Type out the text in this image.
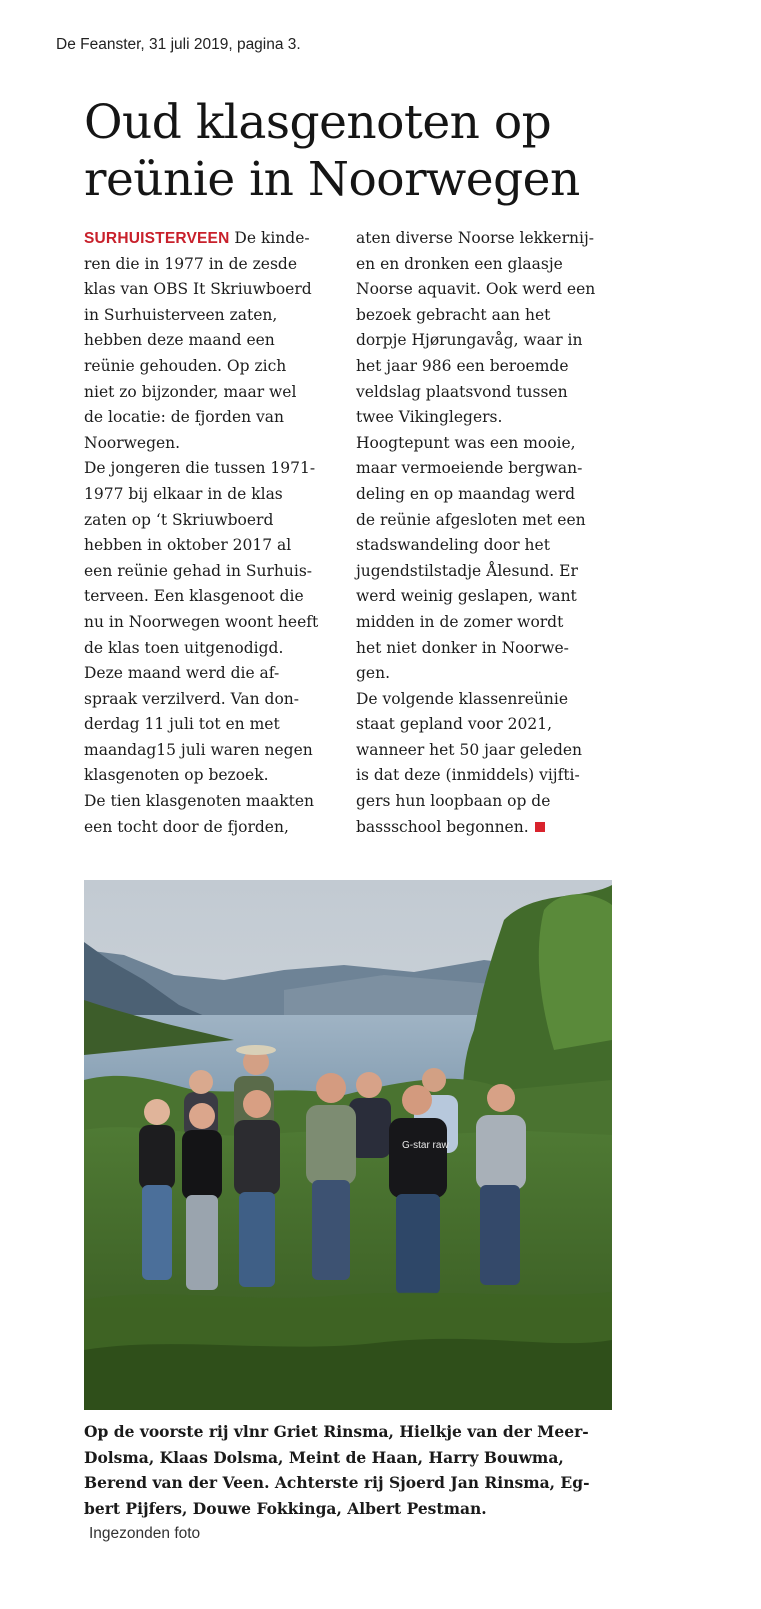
De Feanster, 31 juli 2019, pagina 3.
Oud klasgenoten op
reünie in Noorwegen
SURHUISTERVEEN De kinde-
ren die in 1977 in de zesde
klas van OBS It Skriuwboerd
in Surhuisterveen zaten,
hebben deze maand een
reünie gehouden. Op zich
niet zo bijzonder, maar wel
de locatie: de fjorden van
Noorwegen.
De jongeren die tussen 1971-
1977 bij elkaar in de klas
zaten op ‘t Skriuwboerd
hebben in oktober 2017 al
een reünie gehad in Surhuis-
terveen. Een klasgenoot die
nu in Noorwegen woont heeft
de klas toen uitgenodigd.
Deze maand werd die af-
spraak verzilverd. Van don-
derdag 11 juli tot en met
maandag15 juli waren negen
klasgenoten op bezoek.
De tien klasgenoten maakten
een tocht door de fjorden,
aten diverse Noorse lekkernij-
en en dronken een glaasje
Noorse aquavit. Ook werd een
bezoek gebracht aan het
dorpje Hjørungavåg, waar in
het jaar 986 een beroemde
veldslag plaatsvond tussen
twee Vikinglegers.
Hoogtepunt was een mooie,
maar vermoeiende bergwan-
deling en op maandag werd
de reünie afgesloten met een
stadswandeling door het
jugendstilstadje Ålesund. Er
werd weinig geslapen, want
midden in de zomer wordt
het niet donker in Noorwe-
gen.
De volgende klassenreünie
staat gepland voor 2021,
wanneer het 50 jaar geleden
is dat deze (inmiddels) vijfti-
gers hun loopbaan op de
bassschool begonnen.
G-star raw
Op de voorste rij vlnr Griet Rinsma, Hielkje van der Meer-
Dolsma, Klaas Dolsma, Meint de Haan, Harry Bouwma,
Berend van der Veen. Achterste rij Sjoerd Jan Rinsma, Eg-
bert Pijfers, Douwe Fokkinga, Albert Pestman.
Ingezonden foto
